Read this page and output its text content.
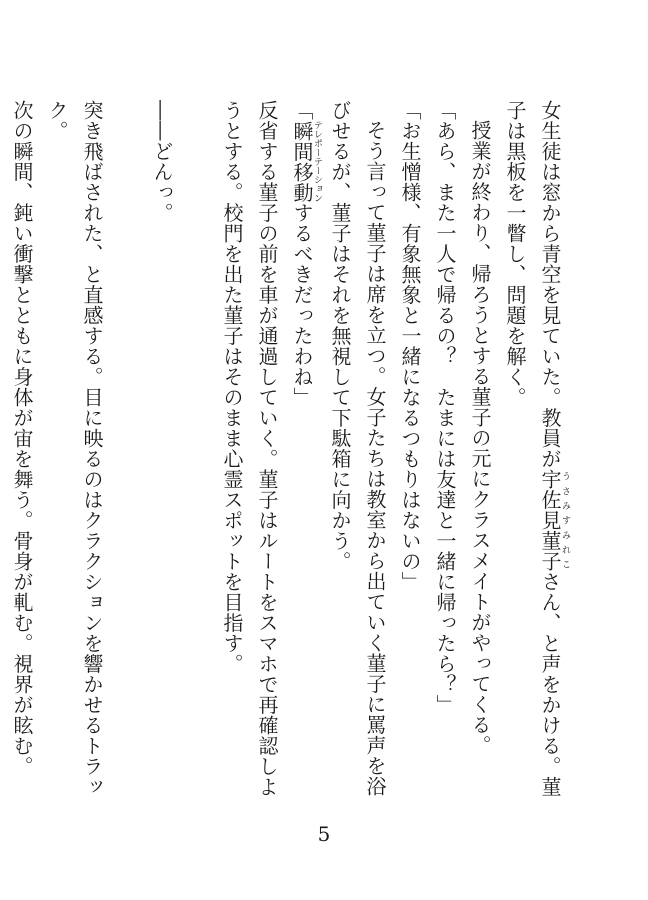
女生徒は窓から青空を見ていた。教員が宇佐見菫子うさみすみれこさん、と声をかける。菫子は黒板を一瞥し、問題を解く。

授業が終わり、帰ろうとする菫子の元にクラスメイトがやってくる。

「あら、また一人で帰るの？　たまには友達と一緒に帰ったら？」

「お生憎様、有象無象と一緒になるつもりはないの」

そう言って菫子は席を立つ。女子たちは教室から出ていく菫子に罵声を浴びせるが、菫子はそれを無視して下駄箱に向かう。

「瞬間移動テレポーテーションするべきだったわね」

反省する菫子の前を車が通過していく。菫子はルートをスマホで再確認しようとする。校門を出た菫子はそのまま心霊スポットを目指す。

――どんっ。

突き飛ばされた、と直感する。目に映るのはクラクションを響かせるトラック。

次の瞬間、鈍い衝撃とともに身体が宙を舞う。骨身が軋む。視界が眩む。

5
